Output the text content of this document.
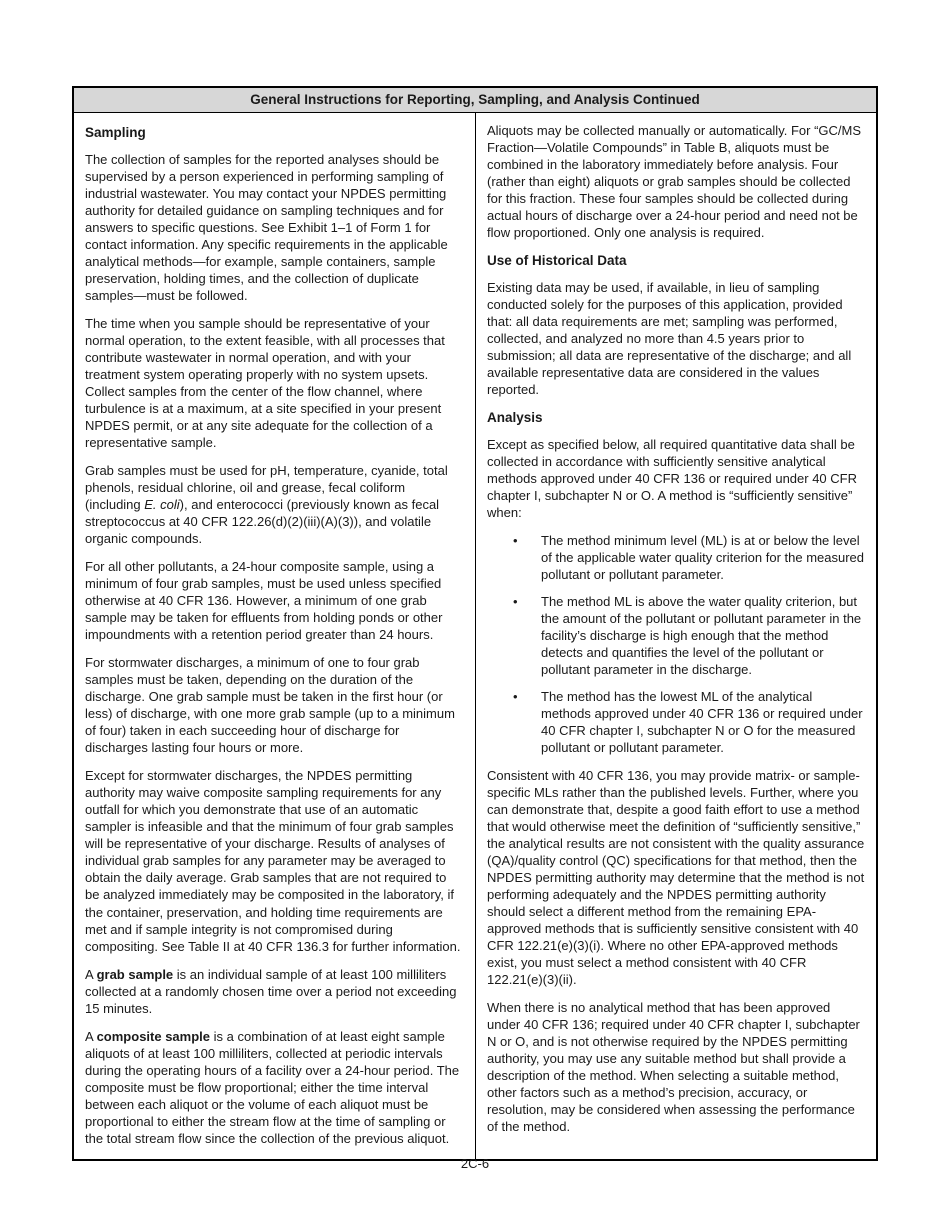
General Instructions for Reporting, Sampling, and Analysis Continued
Sampling

The collection of samples for the reported analyses should be supervised by a person experienced in performing sampling of industrial wastewater. You may contact your NPDES permitting authority for detailed guidance on sampling techniques and for answers to specific questions. See Exhibit 1–1 of Form 1 for contact information. Any specific requirements in the applicable analytical methods—for example, sample containers, sample preservation, holding times, and the collection of duplicate samples—must be followed.

The time when you sample should be representative of your normal operation, to the extent feasible, with all processes that contribute wastewater in normal operation, and with your treatment system operating properly with no system upsets. Collect samples from the center of the flow channel, where turbulence is at a maximum, at a site specified in your present NPDES permit, or at any site adequate for the collection of a representative sample.

Grab samples must be used for pH, temperature, cyanide, total phenols, residual chlorine, oil and grease, fecal coliform (including E. coli), and enterococci (previously known as fecal streptococcus at 40 CFR 122.26(d)(2)(iii)(A)(3)), and volatile organic compounds.

For all other pollutants, a 24-hour composite sample, using a minimum of four grab samples, must be used unless specified otherwise at 40 CFR 136. However, a minimum of one grab sample may be taken for effluents from holding ponds or other impoundments with a retention period greater than 24 hours.

For stormwater discharges, a minimum of one to four grab samples must be taken, depending on the duration of the discharge. One grab sample must be taken in the first hour (or less) of discharge, with one more grab sample (up to a minimum of four) taken in each succeeding hour of discharge for discharges lasting four hours or more.

Except for stormwater discharges, the NPDES permitting authority may waive composite sampling requirements for any outfall for which you demonstrate that use of an automatic sampler is infeasible and that the minimum of four grab samples will be representative of your discharge. Results of analyses of individual grab samples for any parameter may be averaged to obtain the daily average. Grab samples that are not required to be analyzed immediately may be composited in the laboratory, if the container, preservation, and holding time requirements are met and if sample integrity is not compromised during compositing. See Table II at 40 CFR 136.3 for further information.

A grab sample is an individual sample of at least 100 milliliters collected at a randomly chosen time over a period not exceeding 15 minutes.

A composite sample is a combination of at least eight sample aliquots of at least 100 milliliters, collected at periodic intervals during the operating hours of a facility over a 24-hour period. The composite must be flow proportional; either the time interval between each aliquot or the volume of each aliquot must be proportional to either the stream flow at the time of sampling or the total stream flow since the collection of the previous aliquot.

Aliquots may be collected manually or automatically. For “GC/MS Fraction—Volatile Compounds” in Table B, aliquots must be combined in the laboratory immediately before analysis. Four (rather than eight) aliquots or grab samples should be collected for this fraction. These four samples should be collected during actual hours of discharge over a 24-hour period and need not be flow proportioned. Only one analysis is required.

Use of Historical Data

Existing data may be used, if available, in lieu of sampling conducted solely for the purposes of this application, provided that: all data requirements are met; sampling was performed, collected, and analyzed no more than 4.5 years prior to submission; all data are representative of the discharge; and all available representative data are considered in the values reported.

Analysis

Except as specified below, all required quantitative data shall be collected in accordance with sufficiently sensitive analytical methods approved under 40 CFR 136 or required under 40 CFR chapter I, subchapter N or O. A method is “sufficiently sensitive” when:

•	The method minimum level (ML) is at or below the level of the applicable water quality criterion for the measured pollutant or pollutant parameter.
•	The method ML is above the water quality criterion, but the amount of the pollutant or pollutant parameter in the facility’s discharge is high enough that the method detects and quantifies the level of the pollutant or pollutant parameter in the discharge.
•	The method has the lowest ML of the analytical methods approved under 40 CFR 136 or required under 40 CFR chapter I, subchapter N or O for the measured pollutant or pollutant parameter.

Consistent with 40 CFR 136, you may provide matrix- or sample-specific MLs rather than the published levels. Further, where you can demonstrate that, despite a good faith effort to use a method that would otherwise meet the definition of “sufficiently sensitive,” the analytical results are not consistent with the quality assurance (QA)/quality control (QC) specifications for that method, then the NPDES permitting authority may determine that the method is not performing adequately and the NPDES permitting authority should select a different method from the remaining EPA-approved methods that is sufficiently sensitive consistent with 40 CFR 122.21(e)(3)(i). Where no other EPA-approved methods exist, you must select a method consistent with 40 CFR 122.21(e)(3)(ii).

When there is no analytical method that has been approved under 40 CFR 136; required under 40 CFR chapter I, subchapter N or O, and is not otherwise required by the NPDES permitting authority, you may use any suitable method but shall provide a description of the method. When selecting a suitable method, other factors such as a method’s precision, accuracy, or resolution, may be considered when assessing the performance of the method.

2C-6
